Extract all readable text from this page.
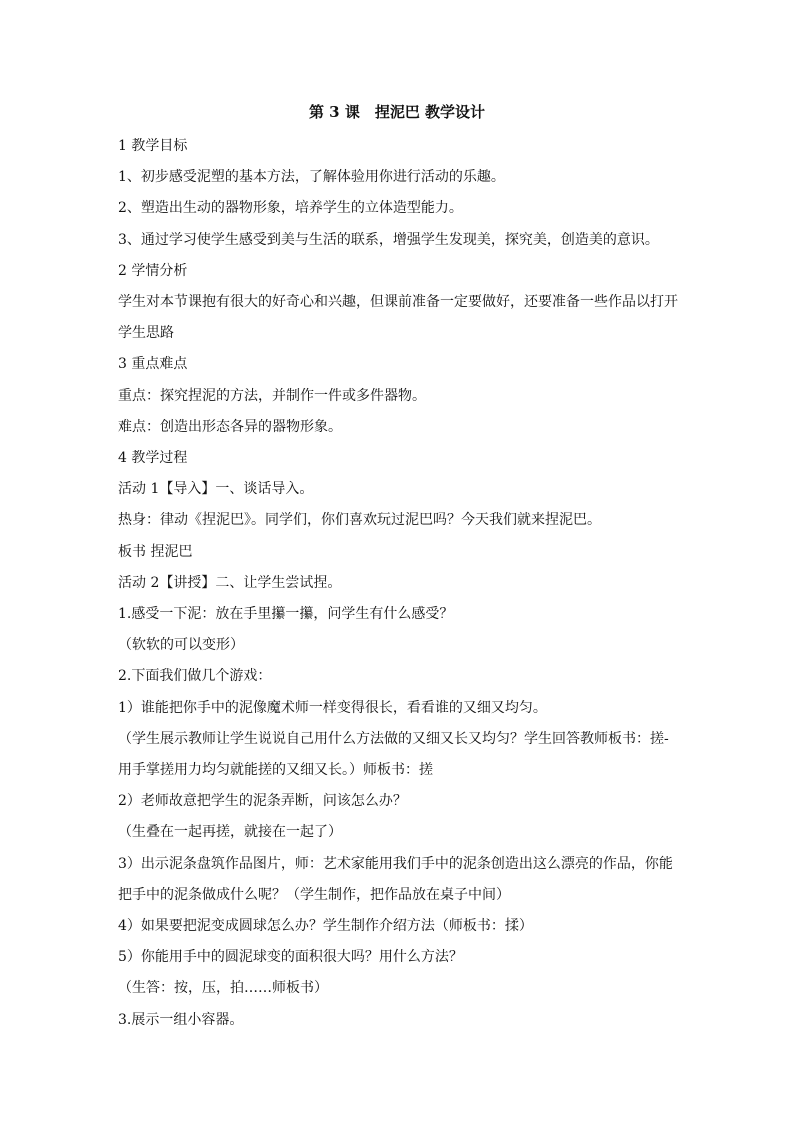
第 3 课　捏泥巴 教学设计
1 教学目标
1、初步感受泥塑的基本方法，了解体验用你进行活动的乐趣。
2、塑造出生动的器物形象，培养学生的立体造型能力。
3、通过学习使学生感受到美与生活的联系，增强学生发现美，探究美，创造美的意识。
2 学情分析
学生对本节课抱有很大的好奇心和兴趣，但课前准备一定要做好，还要准备一些作品以打开
学生思路
3 重点难点
重点：探究捏泥的方法，并制作一件或多件器物。
难点：创造出形态各异的器物形象。
4 教学过程
活动 1【导入】一、谈话导入。
热身：律动《捏泥巴》。同学们，你们喜欢玩过泥巴吗？今天我们就来捏泥巴。
板书 捏泥巴
活动 2【讲授】二、让学生尝试捏。
1.感受一下泥：放在手里攥一攥，问学生有什么感受？
（软软的可以变形）
2.下面我们做几个游戏：
1）谁能把你手中的泥像魔术师一样变得很长，看看谁的又细又均匀。
（学生展示教师让学生说说自己用什么方法做的又细又长又均匀？学生回答教师板书：搓-
用手掌搓用力均匀就能搓的又细又长。）师板书：搓
2）老师故意把学生的泥条弄断，问该怎么办？
（生叠在一起再搓，就接在一起了）
3）出示泥条盘筑作品图片，师：艺术家能用我们手中的泥条创造出这么漂亮的作品，你能
把手中的泥条做成什么呢？（学生制作，把作品放在桌子中间）
4）如果要把泥变成圆球怎么办？学生制作介绍方法（师板书：揉）
5）你能用手中的圆泥球变的面积很大吗？用什么方法？
（生答：按，压，拍……师板书）
3.展示一组小容器。
